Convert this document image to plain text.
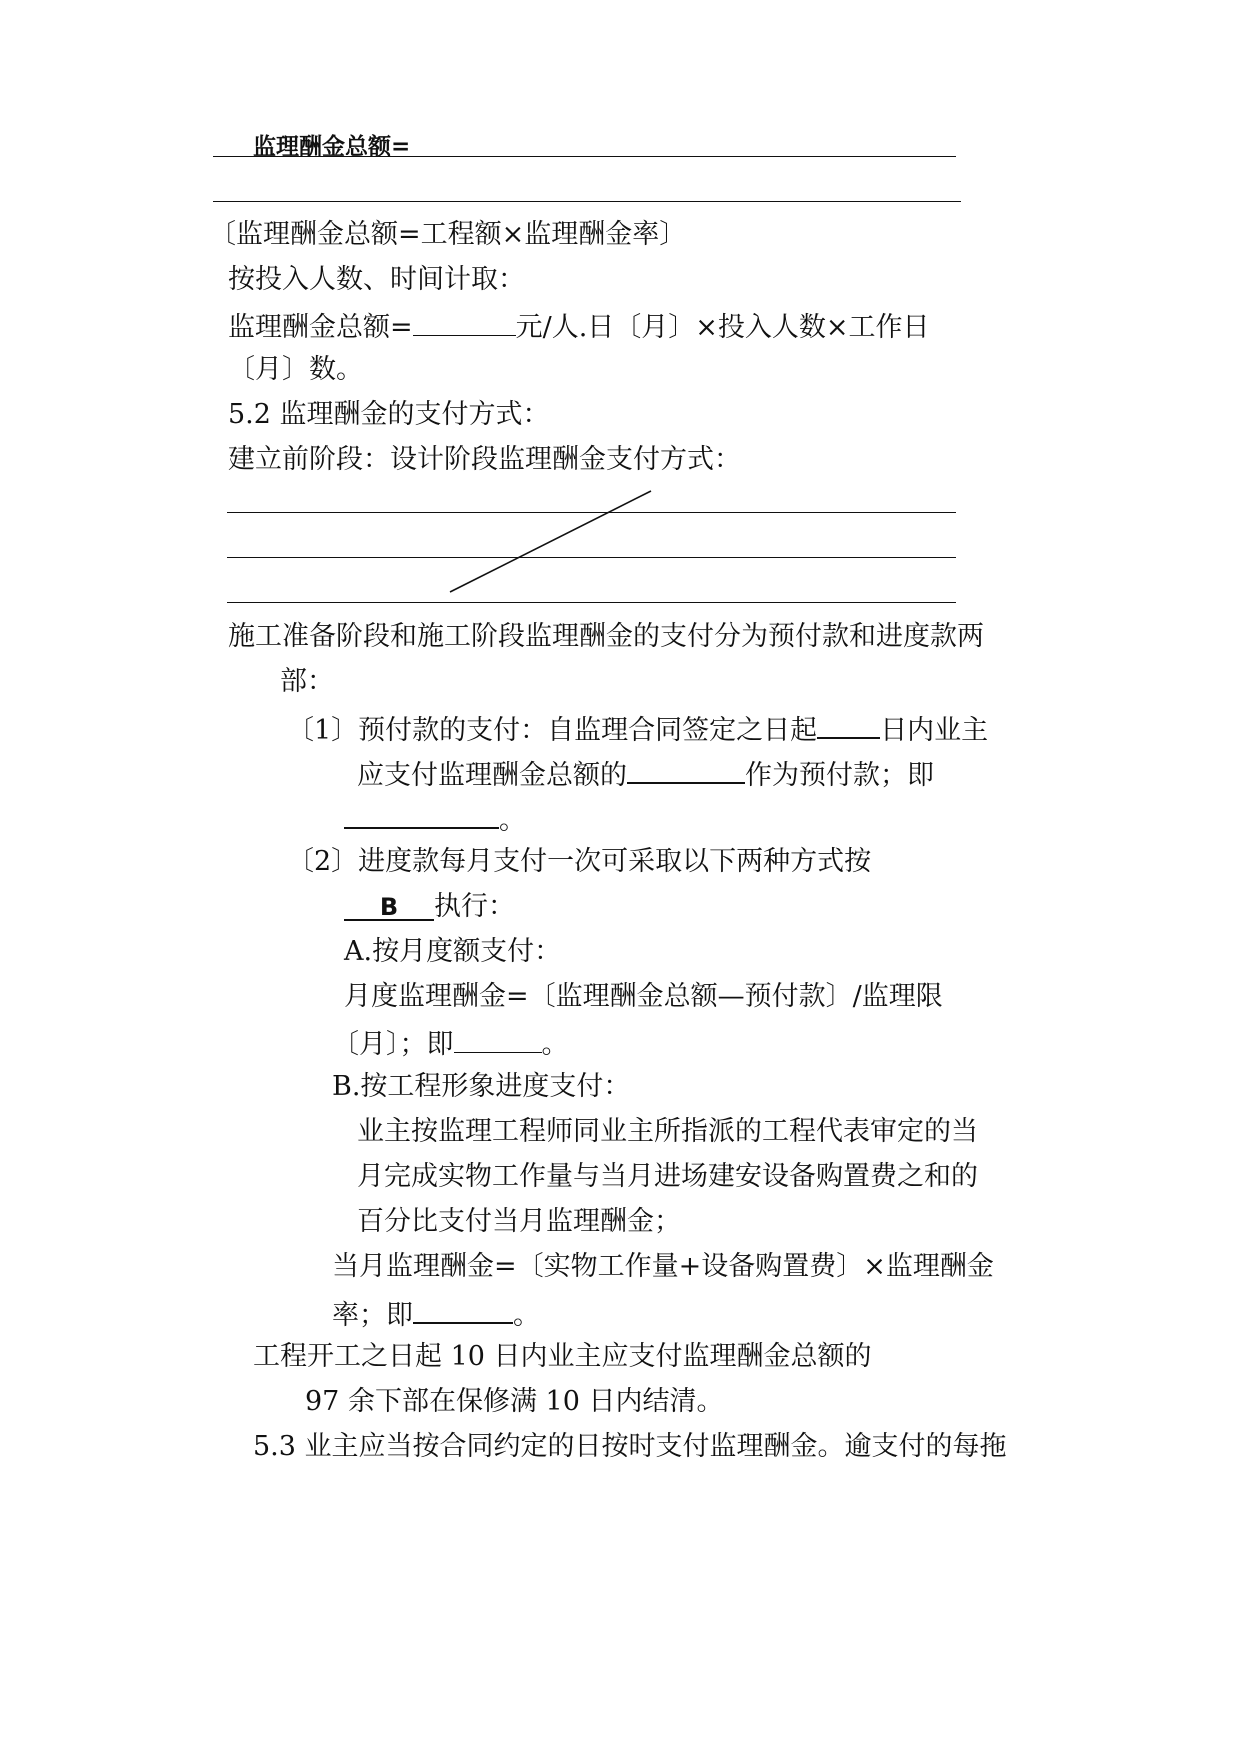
监理酬金总额=
〔监理酬金总额=工程额×监理酬金率〕
按投入人数、时间计取：
监理酬金总额=	元/人.日〔月〕×投入人数×工作日
〔月〕数。
5.2 监理酬金的支付方式：
建立前阶段：设计阶段监理酬金支付方式：
施工准备阶段和施工阶段监理酬金的支付分为预付款和进度款两
部：
〔1〕预付款的支付：自监理合同签定之日起 日内业主
应支付监理酬金总额的	作为预付款；即
。
〔2〕进度款每月支付一次可采取以下两种方式按
B 执行：
A.按月度额支付：
月度监理酬金=〔监理酬金总额—预付款〕/监理限
〔月〕；即	。
B.按工程形象进度支付：
业主按监理工程师同业主所指派的工程代表审定的当
月完成实物工作量与当月进场建安设备购置费之和的
百分比支付当月监理酬金；
当月监理酬金=〔实物工作量+设备购置费〕×监理酬金
率；即	。
工程开工之日起 10 日内业主应支付监理酬金总额的
97 余下部在保修满 10 日内结清。
5.3 业主应当按合同约定的日按时支付监理酬金。逾支付的每拖
